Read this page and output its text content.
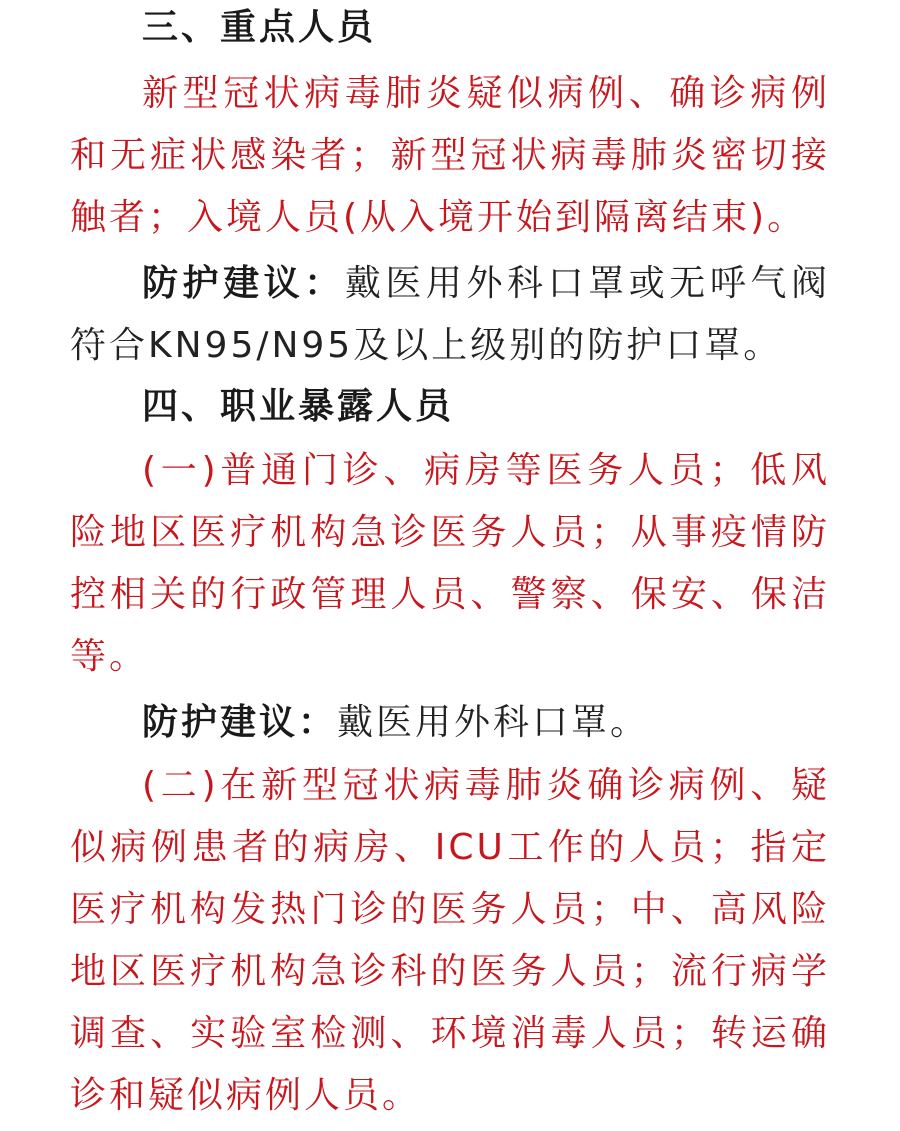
三、重点人员

新型冠状病毒肺炎疑似病例、确诊病例和无症状感染者；新型冠状病毒肺炎密切接触者；入境人员(从入境开始到隔离结束)。

防护建议：戴医用外科口罩或无呼气阀符合KN95/N95及以上级别的防护口罩。

四、职业暴露人员

(一)普通门诊、病房等医务人员；低风险地区医疗机构急诊医务人员；从事疫情防控相关的行政管理人员、警察、保安、保洁等。

防护建议：戴医用外科口罩。

(二)在新型冠状病毒肺炎确诊病例、疑似病例患者的病房、ICU工作的人员；指定医疗机构发热门诊的医务人员；中、高风险地区医疗机构急诊科的医务人员；流行病学调查、实验室检测、环境消毒人员；转运确诊和疑似病例人员。
